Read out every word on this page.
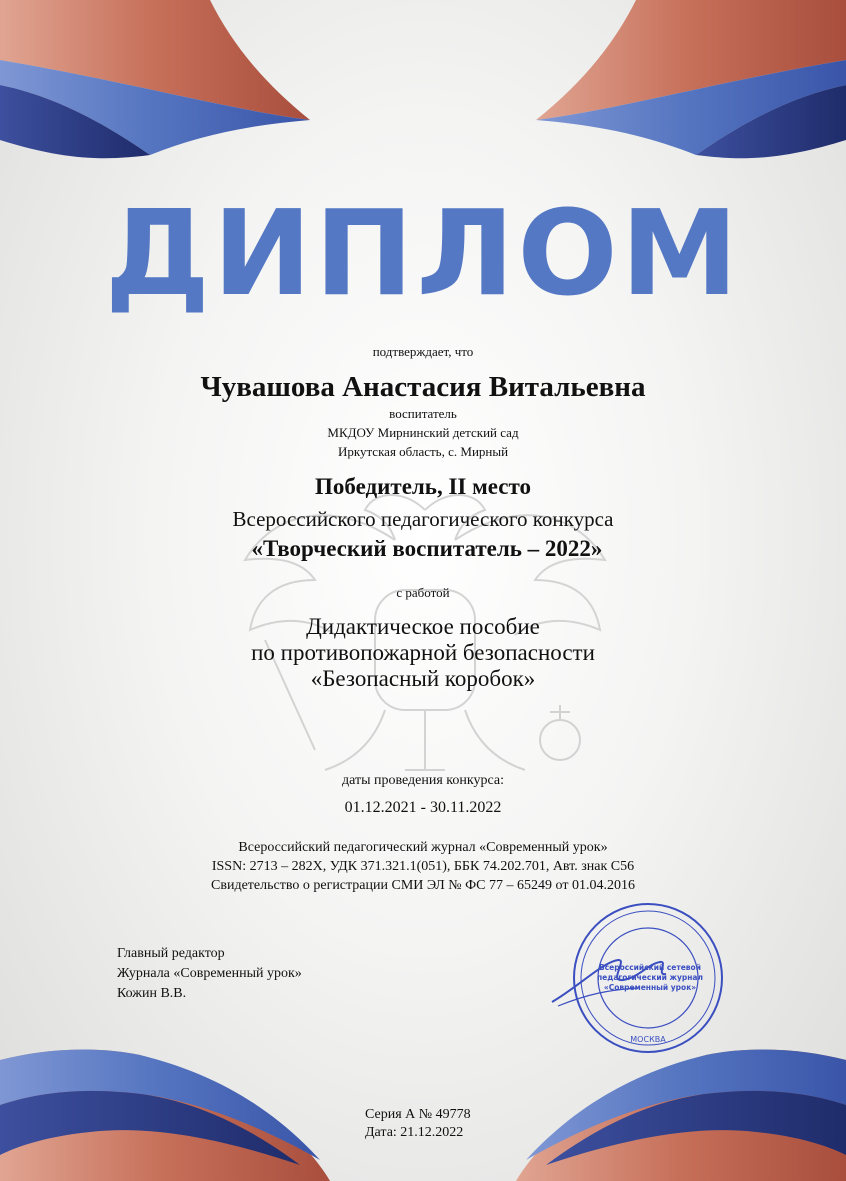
ДИПЛОМ
подтверждает, что
Чувашова Анастасия Витальевна
воспитатель
МКДОУ Мирнинский детский сад
Иркутская область, с. Мирный
Победитель, II место
Всероссийского педагогического конкурса
«Творческий воспитатель – 2022»
с работой
Дидактическое пособие
по противопожарной безопасности
«Безопасный коробок»
даты проведения конкурса:
01.12.2021 - 30.11.2022
Всероссийский педагогический журнал «Современный урок»
ISSN: 2713 – 282X, УДК 371.321.1(051), ББК 74.202.701, Авт. знак С56
Свидетельство о регистрации СМИ ЭЛ № ФС 77 – 65249 от 01.04.2016
Главный редактор
Журнала «Современный урок»
Кожин В.В.
Всероссийский сетевой
педагогический журнал
«Современный урок»
МОСКВА
Серия А № 49778
Дата: 21.12.2022
